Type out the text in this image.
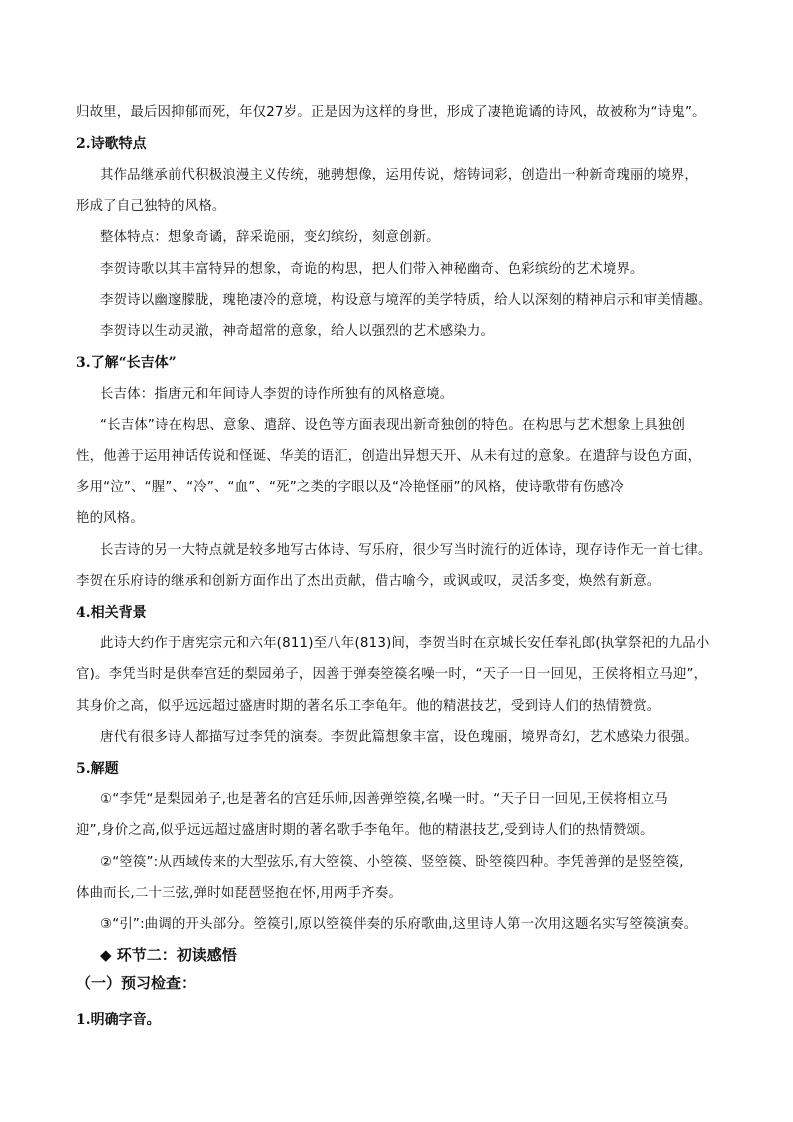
归故里，最后因抑郁而死，年仅27岁。正是因为这样的身世，形成了凄艳诡谲的诗风，故被称为“诗鬼”。
2.诗歌特点
其作品继承前代积极浪漫主义传统，驰骋想像，运用传说，熔铸词彩，创造出一种新奇瑰丽的境界，
形成了自己独特的风格。
整体特点：想象奇谲，辞采诡丽，变幻缤纷，刻意创新。
李贺诗歌以其丰富特异的想象，奇诡的构思，把人们带入神秘幽奇、色彩缤纷的艺术境界。
李贺诗以幽邃朦胧，瑰艳凄冷的意境，构设意与境浑的美学特质，给人以深刻的精神启示和审美情趣。
李贺诗以生动灵澈，神奇超常的意象，给人以强烈的艺术感染力。
3.了解“长吉体”
长吉体：指唐元和年间诗人李贺的诗作所独有的风格意境。
“长吉体”诗在构思、意象、遣辞、设色等方面表现出新奇独创的特色。在构思与艺术想象上具独创
性，他善于运用神话传说和怪诞、华美的语汇，创造出异想天开、从未有过的意象。在遣辞与设色方面，
多用“泣”、“腥”、“冷”、“血”、“死”之类的字眼以及“冷艳怪丽”的风格，使诗歌带有伤感冷
艳的风格。
长吉诗的另一大特点就是较多地写古体诗、写乐府，很少写当时流行的近体诗，现存诗作无一首七律。
李贺在乐府诗的继承和创新方面作出了杰出贡献，借古喻今，或讽或叹，灵活多变，焕然有新意。
4.相关背景
此诗大约作于唐宪宗元和六年(811)至八年(813)间，李贺当时在京城长安任奉礼郎(执掌祭祀的九品小
官)。李凭当时是供奉宫廷的梨园弟子，因善于弹奏箜篌名噪一时，“天子一日一回见，王侯将相立马迎”，
其身价之高，似乎远远超过盛唐时期的著名乐工李龟年。他的精湛技艺，受到诗人们的热情赞赏。
唐代有很多诗人都描写过李凭的演奏。李贺此篇想象丰富，设色瑰丽，境界奇幻，艺术感染力很强。
5.解题
①“李凭“是梨园弟子,也是著名的宫廷乐师,因善弹箜篌,名噪一时。“天子日一回见,王侯将相立马
迎”,身价之高,似乎远远超过盛唐时期的著名歌手李龟年。他的精湛技艺,受到诗人们的热情赞颂。
②“箜篌”:从西域传来的大型弦乐,有大箜篌、小箜篌、竖箜篌、卧箜篌四种。李凭善弹的是竖箜篌,
体曲而长,二十三弦,弹时如琵琶竖抱在怀,用两手齐奏。
③“引”:曲调的开头部分。箜篌引,原以箜篌伴奏的乐府歌曲,这里诗人第一次用这题名实写箜篌演奏。
◆ 环节二：初读感悟
（一）预习检查：
1.明确字音。
